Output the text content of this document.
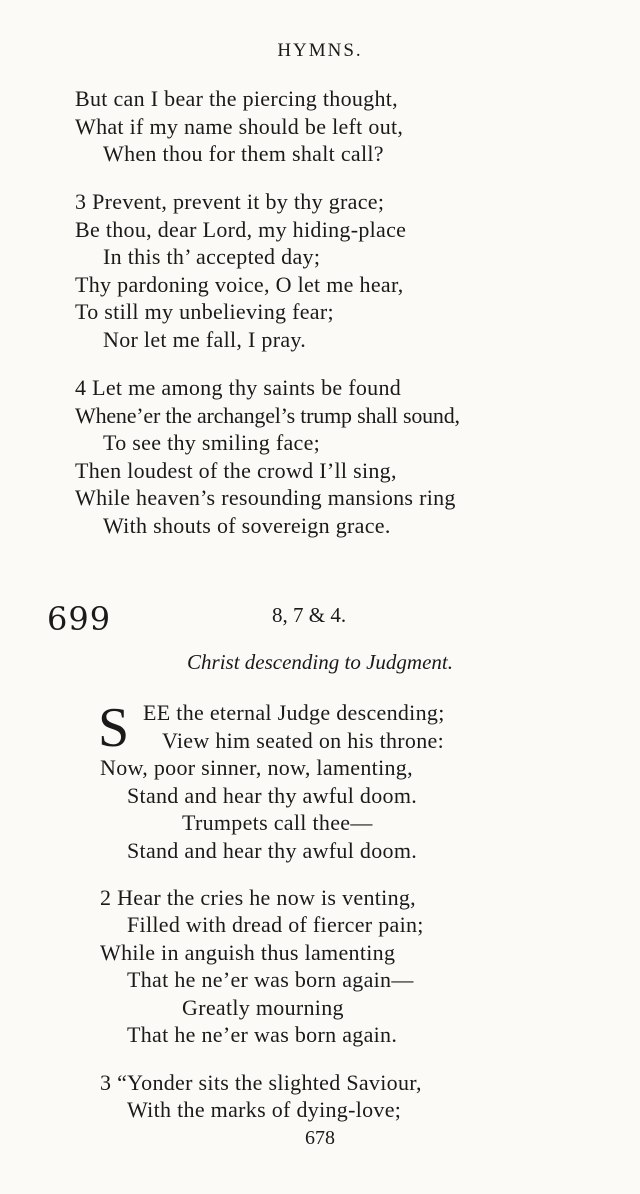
HYMNS.
But can I bear the piercing thought,
What if my name should be left out,
When thou for them shalt call?
3 Prevent, prevent it by thy grace;
Be thou, dear Lord, my hiding-place
In this th’ accepted day;
Thy pardoning voice, O let me hear,
To still my unbelieving fear;
Nor let me fall, I pray.
4 Let me among thy saints be found
Whene’er the archangel’s trump shall sound,
To see thy smiling face;
Then loudest of the crowd I’ll sing,
While heaven’s resounding mansions ring
With shouts of sovereign grace.
699	8, 7 & 4.
Christ descending to Judgment.
S EE the eternal Judge descending;
View him seated on his throne:
Now, poor sinner, now, lamenting,
Stand and hear thy awful doom.
Trumpets call thee—
Stand and hear thy awful doom.
2 Hear the cries he now is venting,
Filled with dread of fiercer pain;
While in anguish thus lamenting
That he ne’er was born again—
Greatly mourning
That he ne’er was born again.
3 “Yonder sits the slighted Saviour,
With the marks of dying-love;
678
